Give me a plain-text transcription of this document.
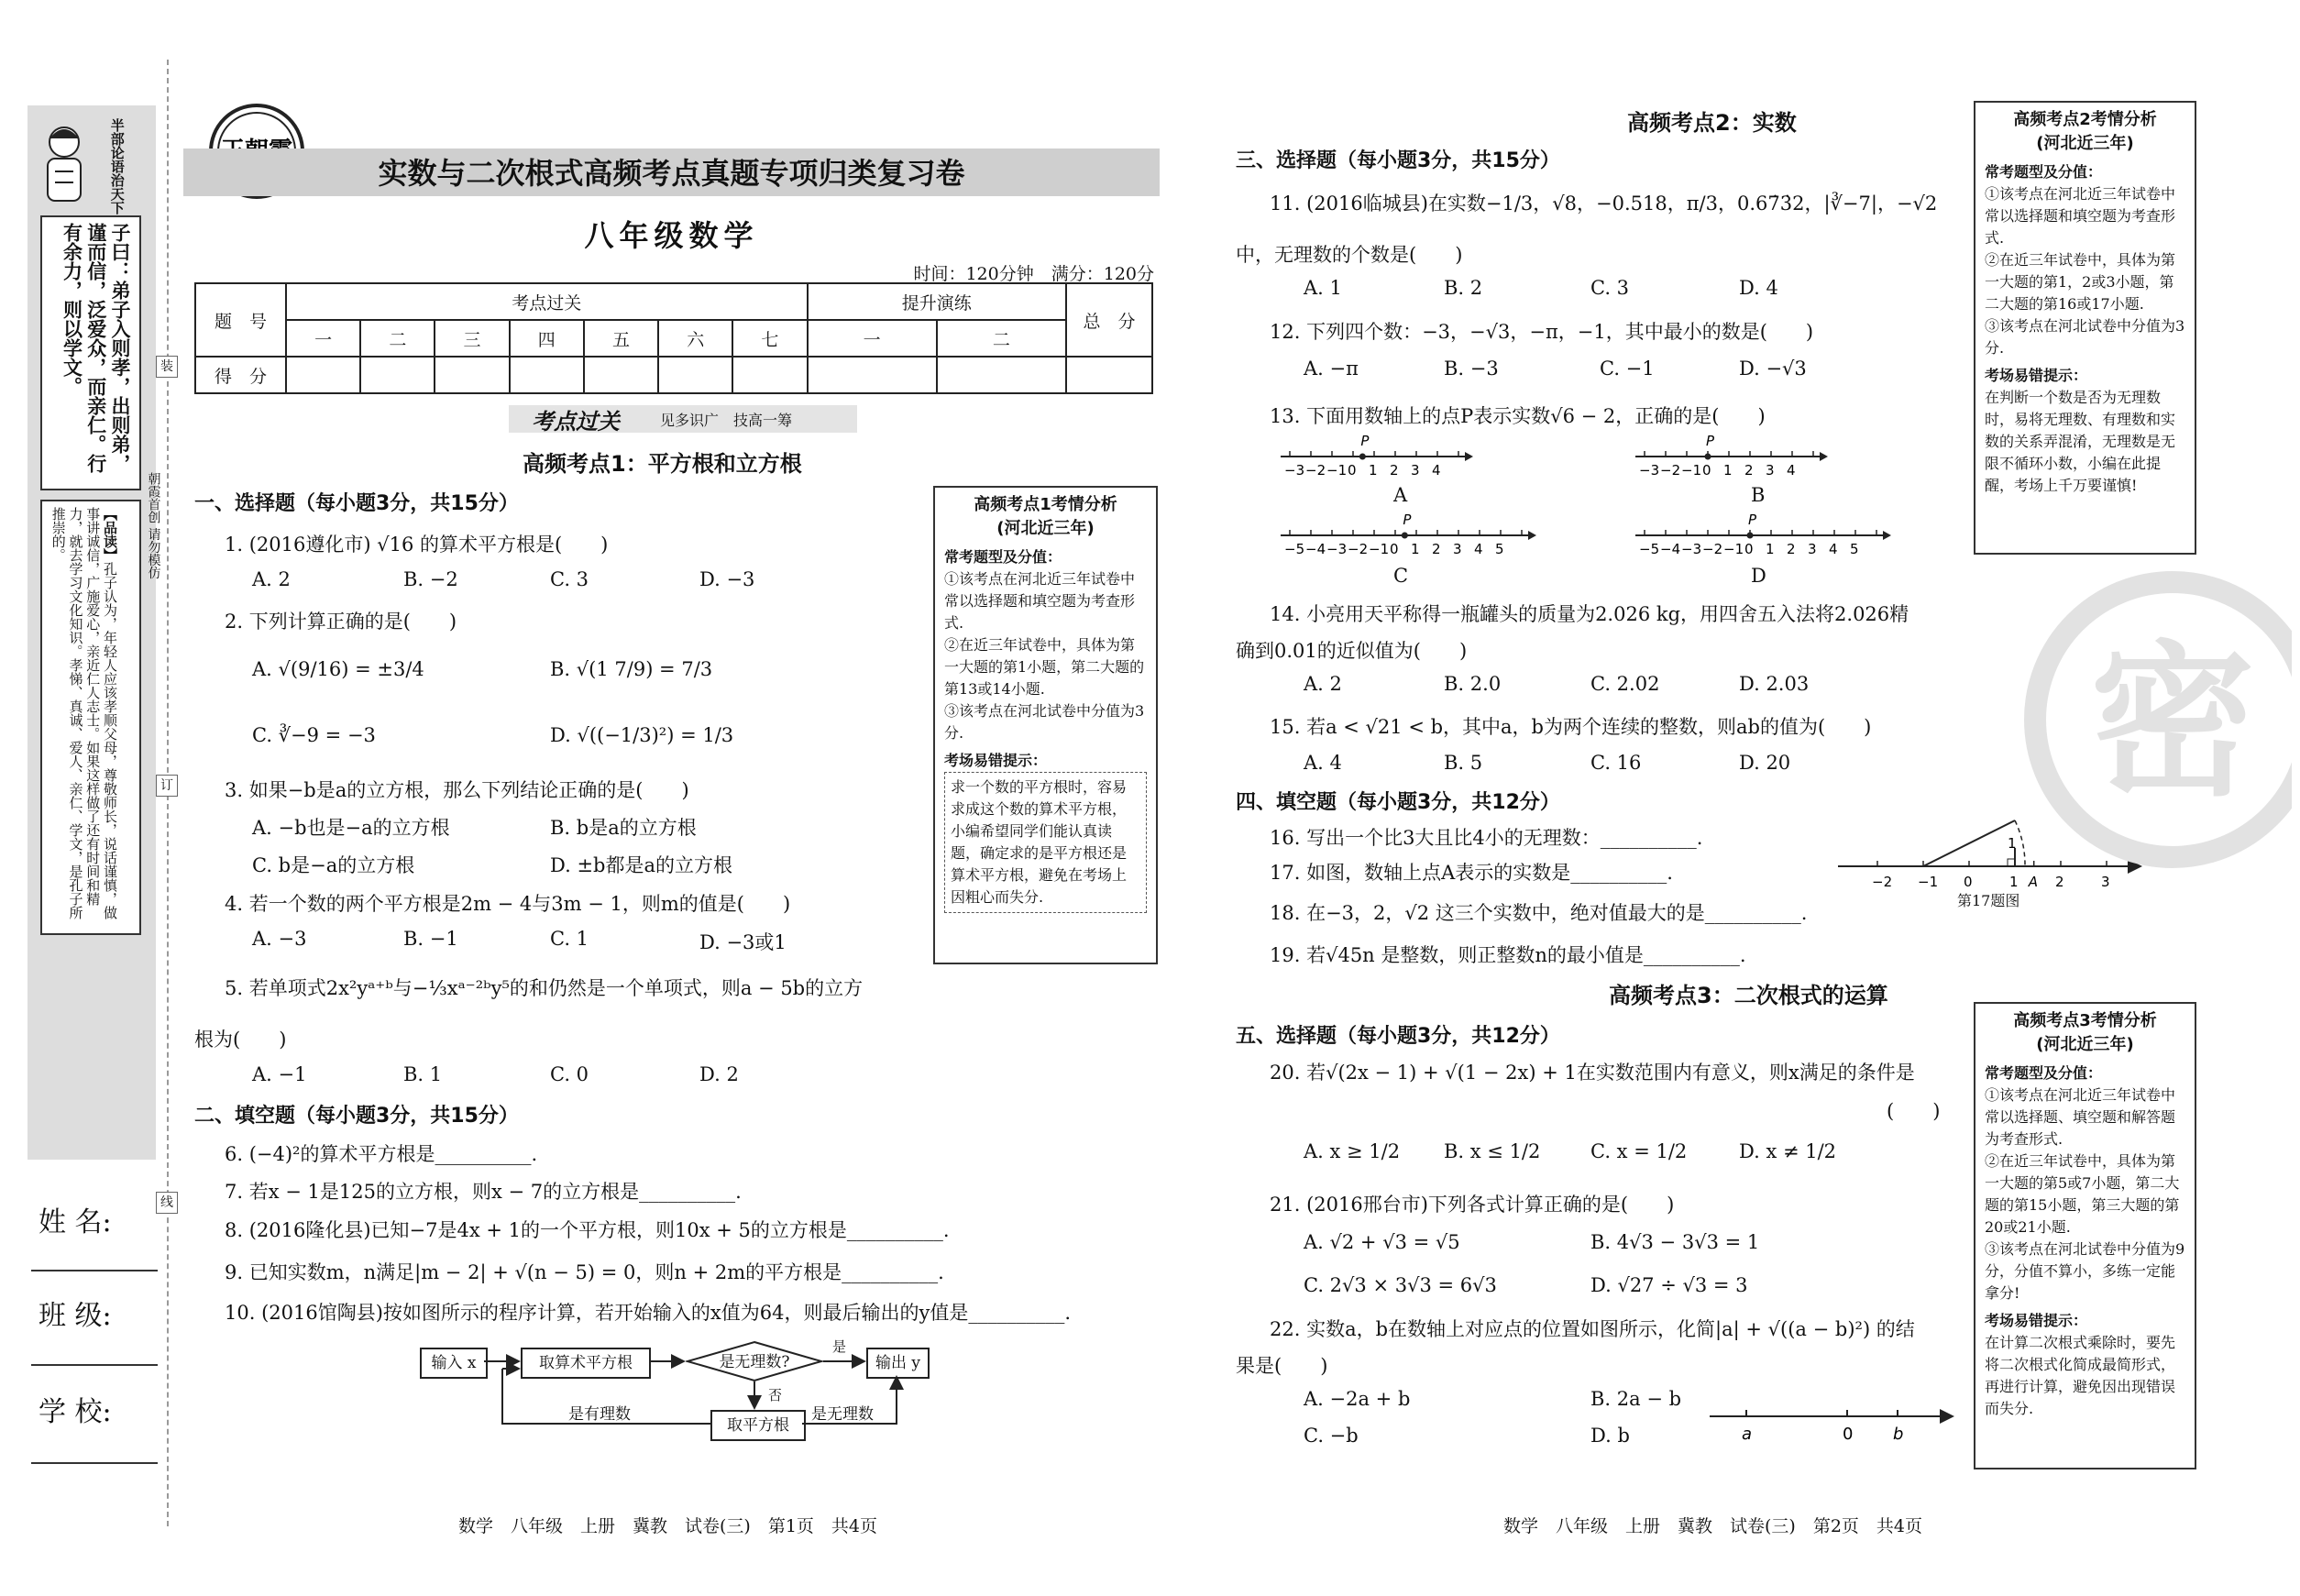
半部论语治天下
子曰：弟子入则孝，出则弟，谨而信，泛爱众，而亲仁。行有余力，则以学文。
【品读】孔子认为，年轻人应该孝顺父母，尊敬师长，说话谨慎，做事讲诚信，广施爱心，亲近仁人志士。如果这样做了还有时间和精力，就去学习文化知识。孝悌、真诚、爱人、亲仁、学文，是孔子所推崇的。	朝霞首创 请勿模仿
姓 名:
班 级:
学 校:
装
订
线
实数与二次根式高频考点真题专项归类复习卷
八年级数学
时间：120分钟　满分：120分
题　号	考点过关							提升演练		总　分
	一	二	三	四	五	六	七	一	二	
得　分										
考点过关	见多识广　技高一筹
高频考点1：平方根和立方根
一、选择题（每小题3分，共15分）
1. (2016遵化市) √16 的算术平方根是(　　)
A. 2	B. −2	C. 3	D. −3
2. 下列计算正确的是(　　)
A. √(9/16) = ±3/4	B. √(1 7/9) = 7/3
C. ∛−9 = −3	D. √((−1/3)²) = 1/3
3. 如果−b是a的立方根，那么下列结论正确的是(　　)
A. −b也是−a的立方根	B. b是a的立方根
C. b是−a的立方根	D. ±b都是a的立方根
4. 若一个数的两个平方根是2m − 4与3m − 1，则m的值是(　　)
A. −3	B. −1	C. 1	D. −3或1
5. 若单项式2x²yᵃ⁺ᵇ与−⅓xᵃ⁻²ᵇy⁵的和仍然是一个单项式，则a − 5b的立方
根为(　　)
A. −1	B. 1	C. 0	D. 2
二、填空题（每小题3分，共15分）
6. (−4)²的算术平方根是__________.
7. 若x − 1是125的立方根，则x − 7的立方根是__________.
8. (2016隆化县)已知−7是4x + 1的一个平方根，则10x + 5的立方根是__________.
9. 已知实数m，n满足|m − 2| + √(n − 5) = 0，则n + 2m的平方根是__________.
10. (2016馆陶县)按如图所示的程序计算，若开始输入的x值为64，则最后输出的y值是__________.
输入 x	取算术平方根	是无理数?	输出 y
取平方根
是
否
是有理数	是无理数
高频考点1考情分析
(河北近三年)
常考题型及分值：
①该考点在河北近三年试卷中常以选择题和填空题为考查形式.
②在近三年试卷中，具体为第一大题的第1小题，第二大题的第13或14小题.
③该考点在河北试卷中分值为3分.
考场易错提示：
求一个数的平方根时，容易求成这个数的算术平方根，小编希望同学们能认真读题，确定求的是平方根还是算术平方根，避免在考场上因粗心而失分.
数学　八年级　上册　冀教　试卷(三)　第1页　共4页
高频考点2：实数
三、选择题（每小题3分，共15分）
11. (2016临城县)在实数−1/3，√8，−0.518，π/3，0.67̇3̇2，|∛−7|，−√2
中，无理数的个数是(　　)
A. 1	B. 2	C. 3	D. 4
12. 下列四个数：−3，−√3，−π，−1，其中最小的数是(　　)
A. −π	B. −3	C. −1	D. −√3
13. 下面用数轴上的点P表示实数√6 − 2，正确的是(　　)
−3 −2 −1 0 1 2 3 4
P
−3 −2 −1 0 1 2 3 4
P
−5 −4 −3 −2 −1 0 1 2 3 4 5
P
−5 −4 −3 −2 −1 0 1 2 3 4 5
P
A	B
C	D
14. 小亮用天平称得一瓶罐头的质量为2.026 kg，用四舍五入法将2.026精
确到0.01的近似值为(　　)
A. 2	B. 2.0	C. 2.02	D. 2.03
15. 若a < √21 < b，其中a，b为两个连续的整数，则ab的值为(　　)
A. 4	B. 5	C. 16	D. 20
四、填空题（每小题3分，共12分）
16. 写出一个比3大且比4小的无理数：__________.
17. 如图，数轴上点A表示的实数是__________.
18. 在−3，2，√2 这三个实数中，绝对值最大的是__________.
19. 若√45n 是整数，则正整数n的最小值是__________.
−2 −1 0	1 A 2	3
1
第17题图
高频考点3：二次根式的运算
五、选择题（每小题3分，共12分）
20. 若√(2x − 1) + √(1 − 2x) + 1在实数范围内有意义，则x满足的条件是
(　　)
A. x ≥ 1/2 B. x ≤ 1/2	C. x = 1/2	D. x ≠ 1/2
21. (2016邢台市)下列各式计算正确的是(　　)
A. √2 + √3 = √5	B. 4√3 − 3√3 = 1
C. 2√3 × 3√3 = 6√3	D. √27 ÷ √3 = 3
22. 实数a，b在数轴上对应点的位置如图所示，化简|a| + √((a − b)²) 的结
果是(　　)
A. −2a + b	B. 2a − b
C. −b	D. b	a	0 b
高频考点2考情分析
(河北近三年)
常考题型及分值：
①该考点在河北近三年试卷中常以选择题和填空题为考查形式.
②在近三年试卷中，具体为第一大题的第1，2或3小题，第二大题的第16或17小题.
③该考点在河北试卷中分值为3分.
考场易错提示：
在判断一个数是否为无理数时，易将无理数、有理数和实数的关系弄混淆，无理数是无限不循环小数，小编在此提醒，考场上千万要谨慎!
高频考点3考情分析
(河北近三年)
常考题型及分值：
①该考点在河北近三年试卷中常以选择题、填空题和解答题为考查形式.
②在近三年试卷中，具体为第一大题的第5或7小题，第二大题的第15小题，第三大题的第20或21小题.
③该考点在河北试卷中分值为9分，分值不算小，多练一定能拿分!
考场易错提示：
在计算二次根式乘除时，要先将二次根式化简成最简形式，再进行计算，避免因出现错误而失分.
密
数学　八年级　上册　冀教　试卷(三)　第2页　共4页
